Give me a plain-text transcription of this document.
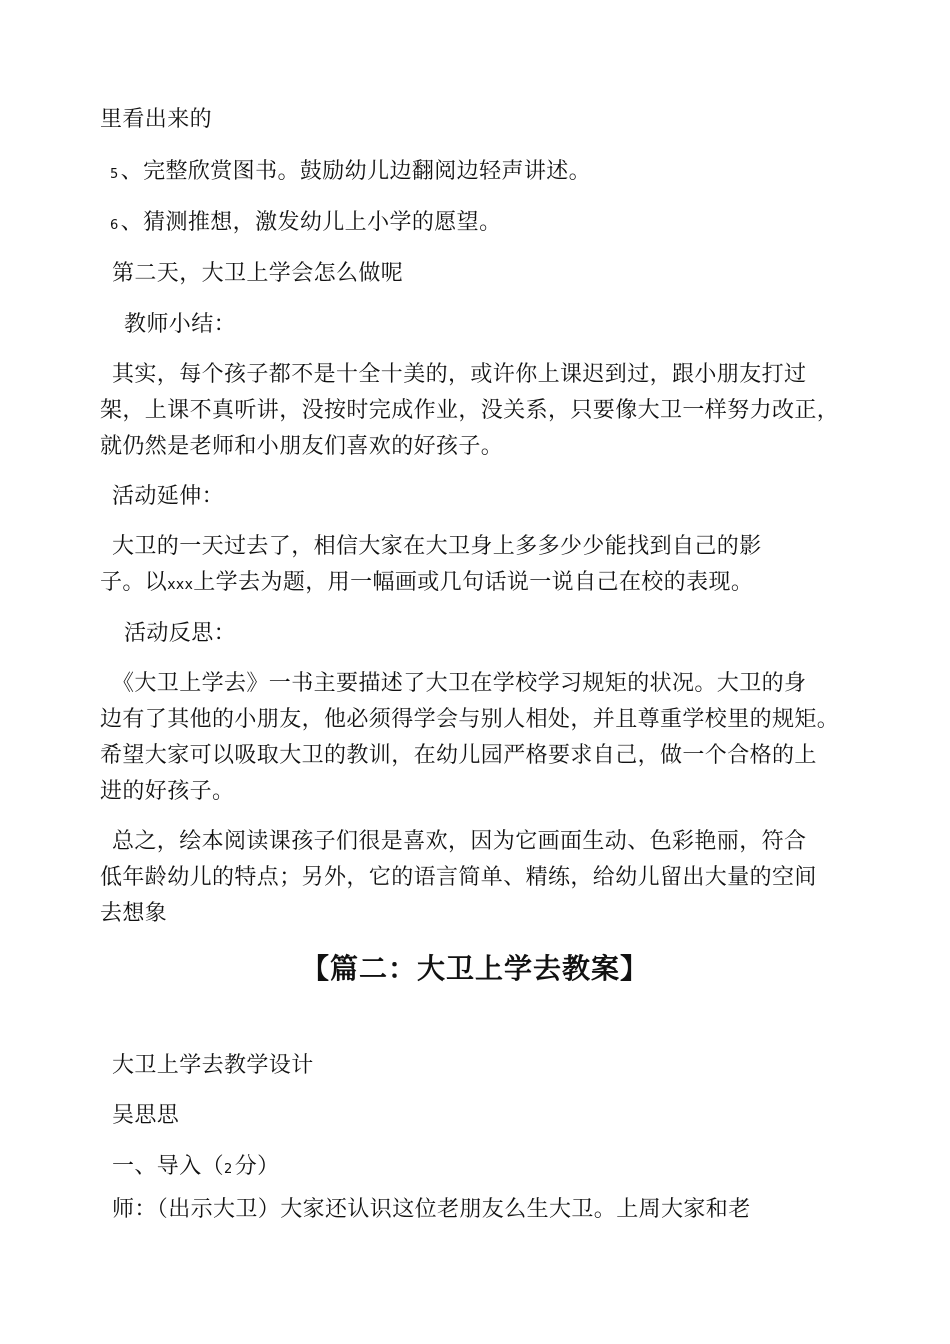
里看出来的
5、完整欣赏图书。鼓励幼儿边翻阅边轻声讲述。
6、猜测推想，激发幼儿上小学的愿望。
第二天，大卫上学会怎么做呢
教师小结：
其实，每个孩子都不是十全十美的，或许你上课迟到过，跟小朋友打过
架，上课不真听讲，没按时完成作业，没关系，只要像大卫一样努力改正，
就仍然是老师和小朋友们喜欢的好孩子。
活动延伸：
大卫的一天过去了，相信大家在大卫身上多多少少能找到自己的影
子。以xxx上学去为题，用一幅画或几句话说一说自己在校的表现。
活动反思：
《大卫上学去》一书主要描述了大卫在学校学习规矩的状况。大卫的身
边有了其他的小朋友，他必须得学会与别人相处，并且尊重学校里的规矩。
希望大家可以吸取大卫的教训，在幼儿园严格要求自己，做一个合格的上
进的好孩子。
总之，绘本阅读课孩子们很是喜欢，因为它画面生动、色彩艳丽，符合
低年龄幼儿的特点；另外，它的语言简单、精练，给幼儿留出大量的空间
去想象
【篇二：大卫上学去教案】
大卫上学去教学设计
吴思思
一、导入（2分）
师：（出示大卫）大家还认识这位老朋友么生大卫。上周大家和老
